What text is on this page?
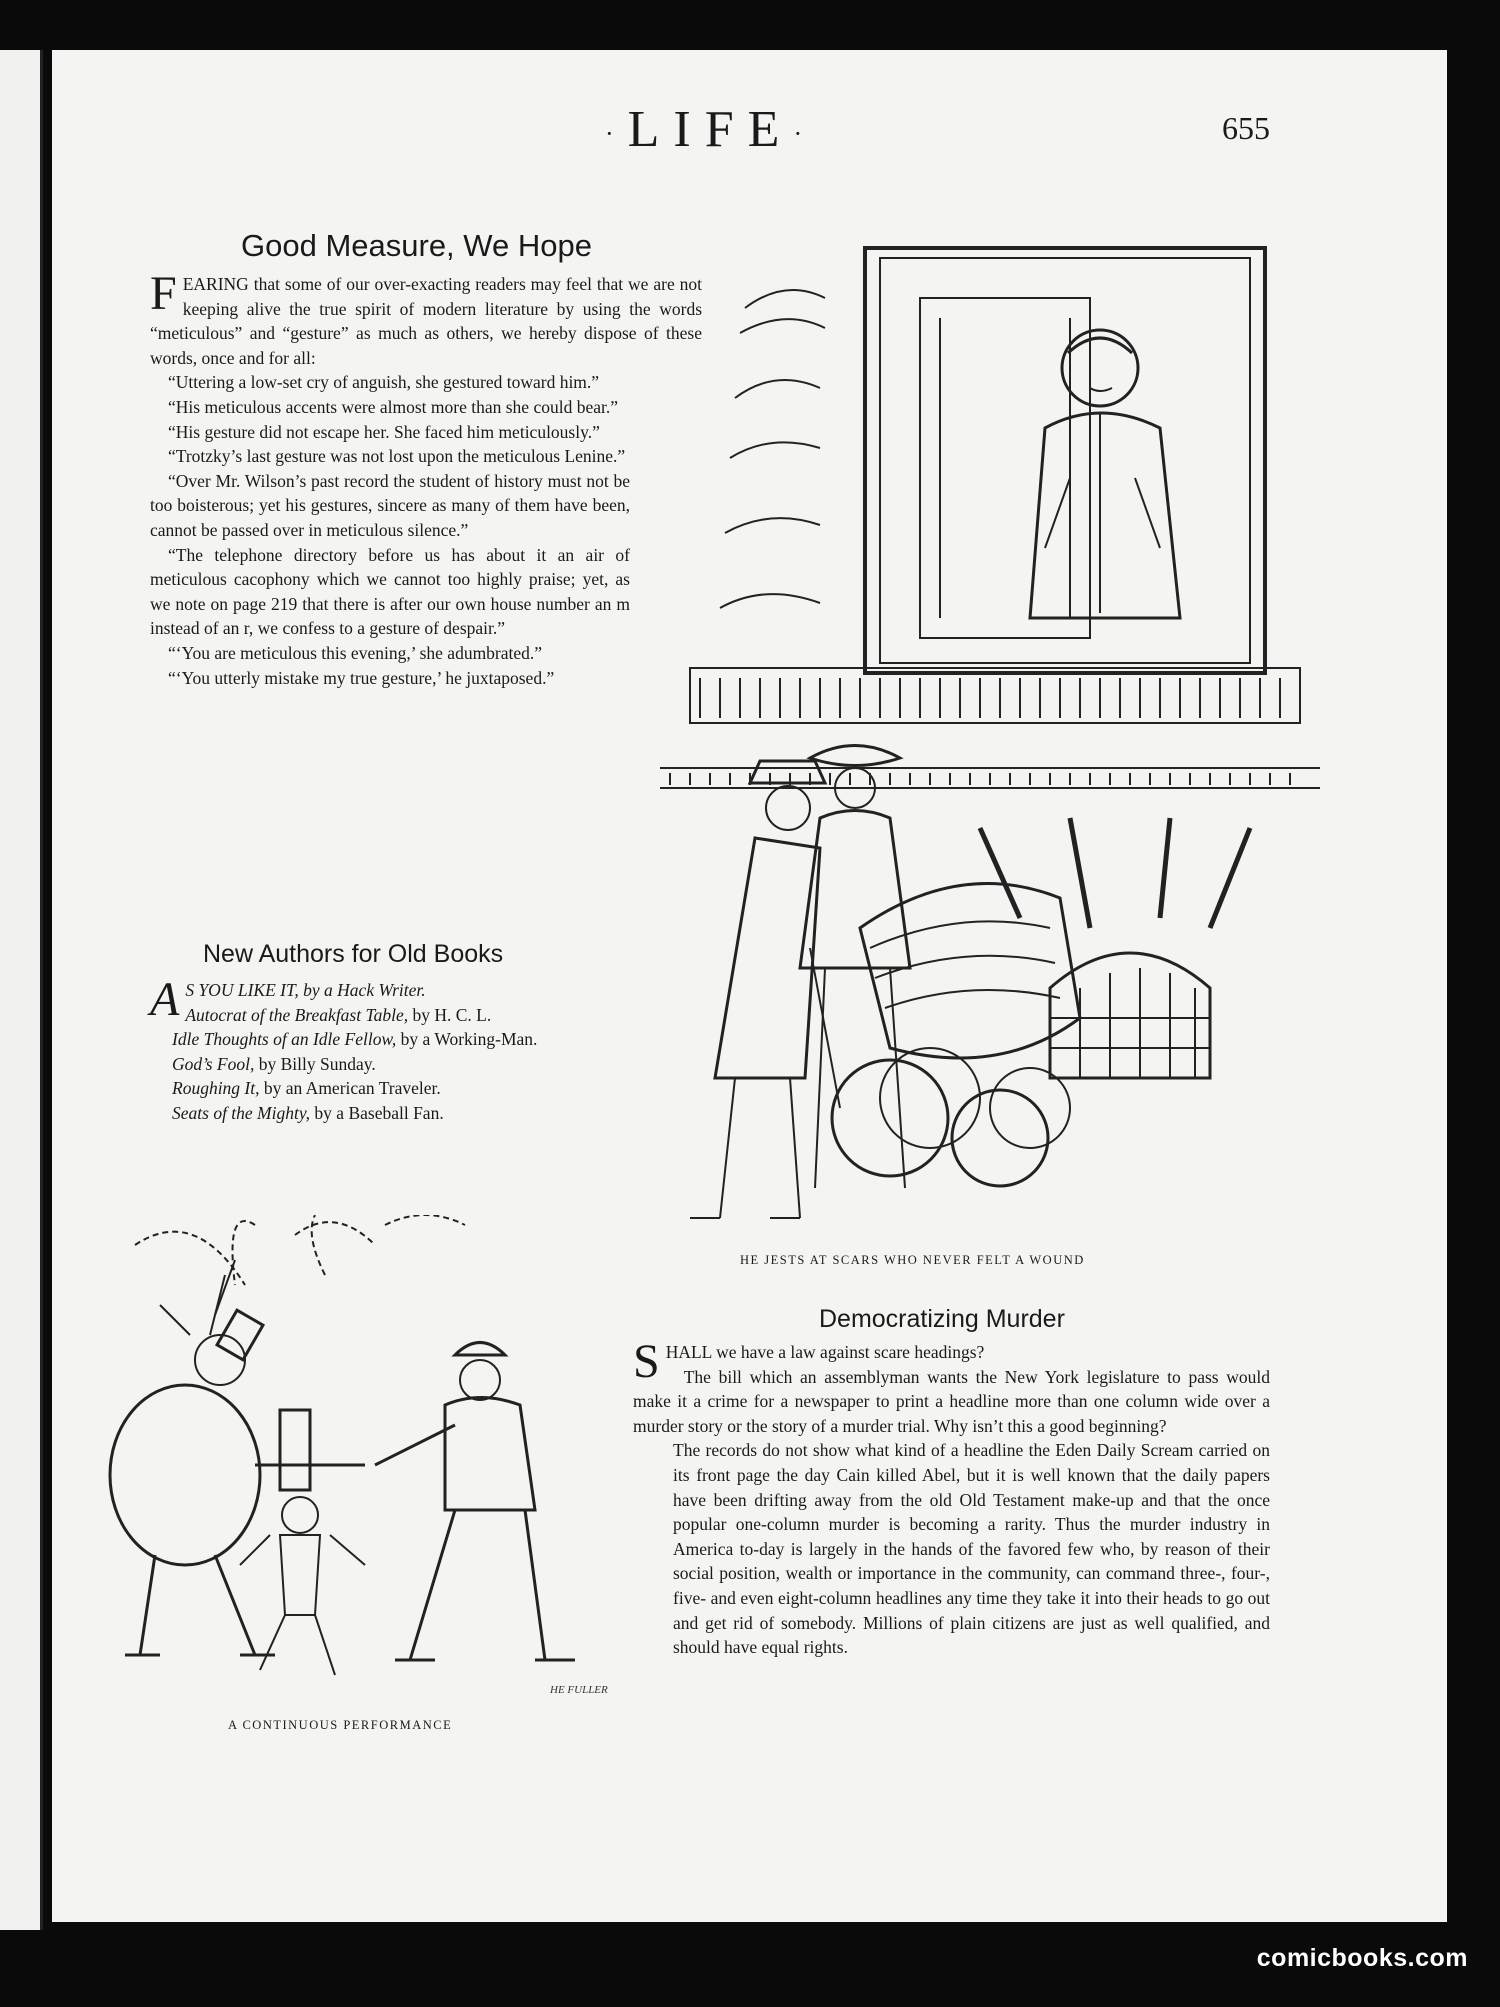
·LIFE·	655
Good Measure, We Hope

FEARING that some of our over-exacting readers may feel that we are not keeping alive the true spirit of modern literature by using the words “meticulous” and “gesture” as much as others, we hereby dispose of these words, once and for all:

“Uttering a low-set cry of anguish, she gestured toward him.”

“His meticulous accents were almost more than she could bear.”

“His gesture did not escape her. She faced him meticulously.”

“Trotzky’s last gesture was not lost upon the meticulous Lenine.”

“Over Mr. Wilson’s past record the student of history must not be too boisterous; yet his gestures, sincere as many of them have been, cannot be passed over in meticulous silence.”

“The telephone directory before us has about it an air of meticulous cacophony which we cannot too highly praise; yet, as we note on page 219 that there is after our own house number an m instead of an r, we confess to a gesture of despair.”

“‘You are meticulous this evening,’ she adumbrated.”

“‘You utterly mistake my true gesture,’ he juxtaposed.”

New Authors for Old Books

A S YOU LIKE IT, by a Hack Writer.

Autocrat of the Breakfast Table, by H. C. L.

Idle Thoughts of an Idle Fellow, by a Working-Man.

God’s Fool, by Billy Sunday.

Roughing It, by an American Traveler.

Seats of the Mighty, by a Baseball Fan.

HE JESTS AT SCARS WHO NEVER FELT A WOUND
HE FULLER
A CONTINUOUS PERFORMANCE
Democratizing Murder

SHALL we have a law against scare headings?

The bill which an assemblyman wants the New York legislature to pass would make it a crime for a newspaper to print a headline more than one column wide over a murder story or the story of a murder trial. Why isn’t this a good beginning?

The records do not show what kind of a headline the Eden Daily Scream carried on its front page the day Cain killed Abel, but it is well known that the daily papers have been drifting away from the old Old Testament make-up and that the once popular one-column murder is becoming a rarity. Thus the murder industry in America to-day is largely in the hands of the favored few who, by reason of their social position, wealth or importance in the community, can command three-, four-, five- and even eight-column headlines any time they take it into their heads to go out and get rid of somebody. Millions of plain citizens are just as well qualified, and should have equal rights.

comicbooks.com
